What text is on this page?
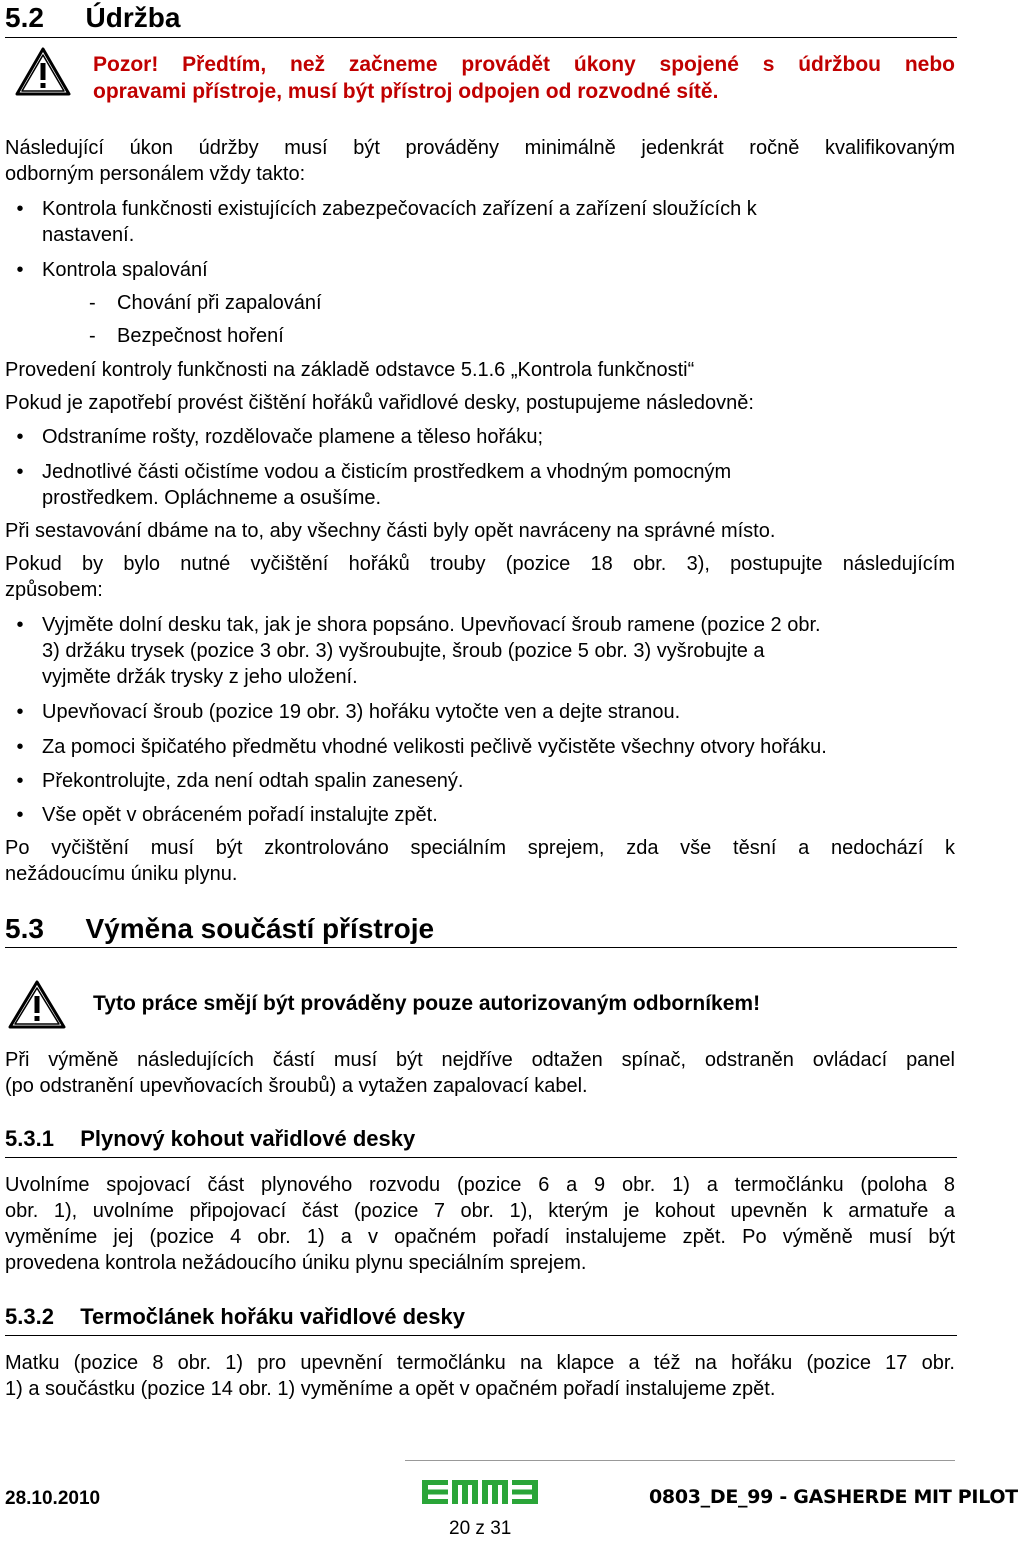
5.2 Údržba
Pozor! Předtím, než začneme provádět úkony spojené s údržbou nebo
opravami přístroje, musí být přístroj odpojen od rozvodné sítě.
Následující úkon údržby musí být prováděny minimálně jedenkrát ročně kvalifikovaným
odborným personálem vždy takto:
• Kontrola funkčnosti existujících zabezpečovacích zařízení a zařízení sloužících k
nastavení.
• Kontrola spalování
- Chování při zapalování
- Bezpečnost hoření
Provedení kontroly funkčnosti na základě odstavce 5.1.6 „Kontrola funkčnosti“
Pokud je zapotřebí provést čištění hořáků vařidlové desky, postupujeme následovně:
• Odstraníme rošty, rozdělovače plamene a těleso hořáku;
• Jednotlivé části očistíme vodou a čisticím prostředkem a vhodným pomocným
prostředkem. Opláchneme a osušíme.
Při sestavování dbáme na to, aby všechny části byly opět navráceny na správné místo.
Pokud by bylo nutné vyčištění hořáků trouby (pozice 18 obr. 3), postupujte následujícím
způsobem:
• Vyjměte dolní desku tak, jak je shora popsáno. Upevňovací šroub ramene (pozice 2 obr.
3) držáku trysek (pozice 3 obr. 3) vyšroubujte, šroub (pozice 5 obr. 3) vyšrobujte a
vyjměte držák trysky z jeho uložení.
• Upevňovací šroub (pozice 19 obr. 3) hořáku vytočte ven a dejte stranou.
• Za pomoci špičatého předmětu vhodné velikosti pečlivě vyčistěte všechny otvory hořáku.
• Překontrolujte, zda není odtah spalin zanesený.
• Vše opět v obráceném pořadí instalujte zpět.
Po vyčištění musí být zkontrolováno speciálním sprejem, zda vše těsní a nedochází k
nežádoucímu úniku plynu.
5.3 Výměna součástí přístroje
Tyto práce smějí být prováděny pouze autorizovaným odborníkem!
Při výměně následujících částí musí být nejdříve odtažen spínač, odstraněn ovládací panel
(po odstranění upevňovacích šroubů) a vytažen zapalovací kabel.
5.3.1 Plynový kohout vařidlové desky
Uvolníme spojovací část plynového rozvodu (pozice 6 a 9 obr. 1) a termočlánku (poloha 8
obr. 1), uvolníme připojovací část (pozice 7 obr. 1), kterým je kohout upevněn k armatuře a
vyměníme jej (pozice 4 obr. 1) a v opačném pořadí instalujeme zpět. Po výměně musí být
provedena kontrola nežádoucího úniku plynu speciálním sprejem.
5.3.2 Termočlánek hořáku vařidlové desky
Matku (pozice 8 obr. 1) pro upevnění termočlánku na klapce a též na hořáku (pozice 17 obr.
1) a součástku (pozice 14 obr. 1) vyměníme a opět v opačném pořadí instalujeme zpět.
28.10.2010	0803_DE_99 - GASHERDE MIT PILOT
20 z 31
